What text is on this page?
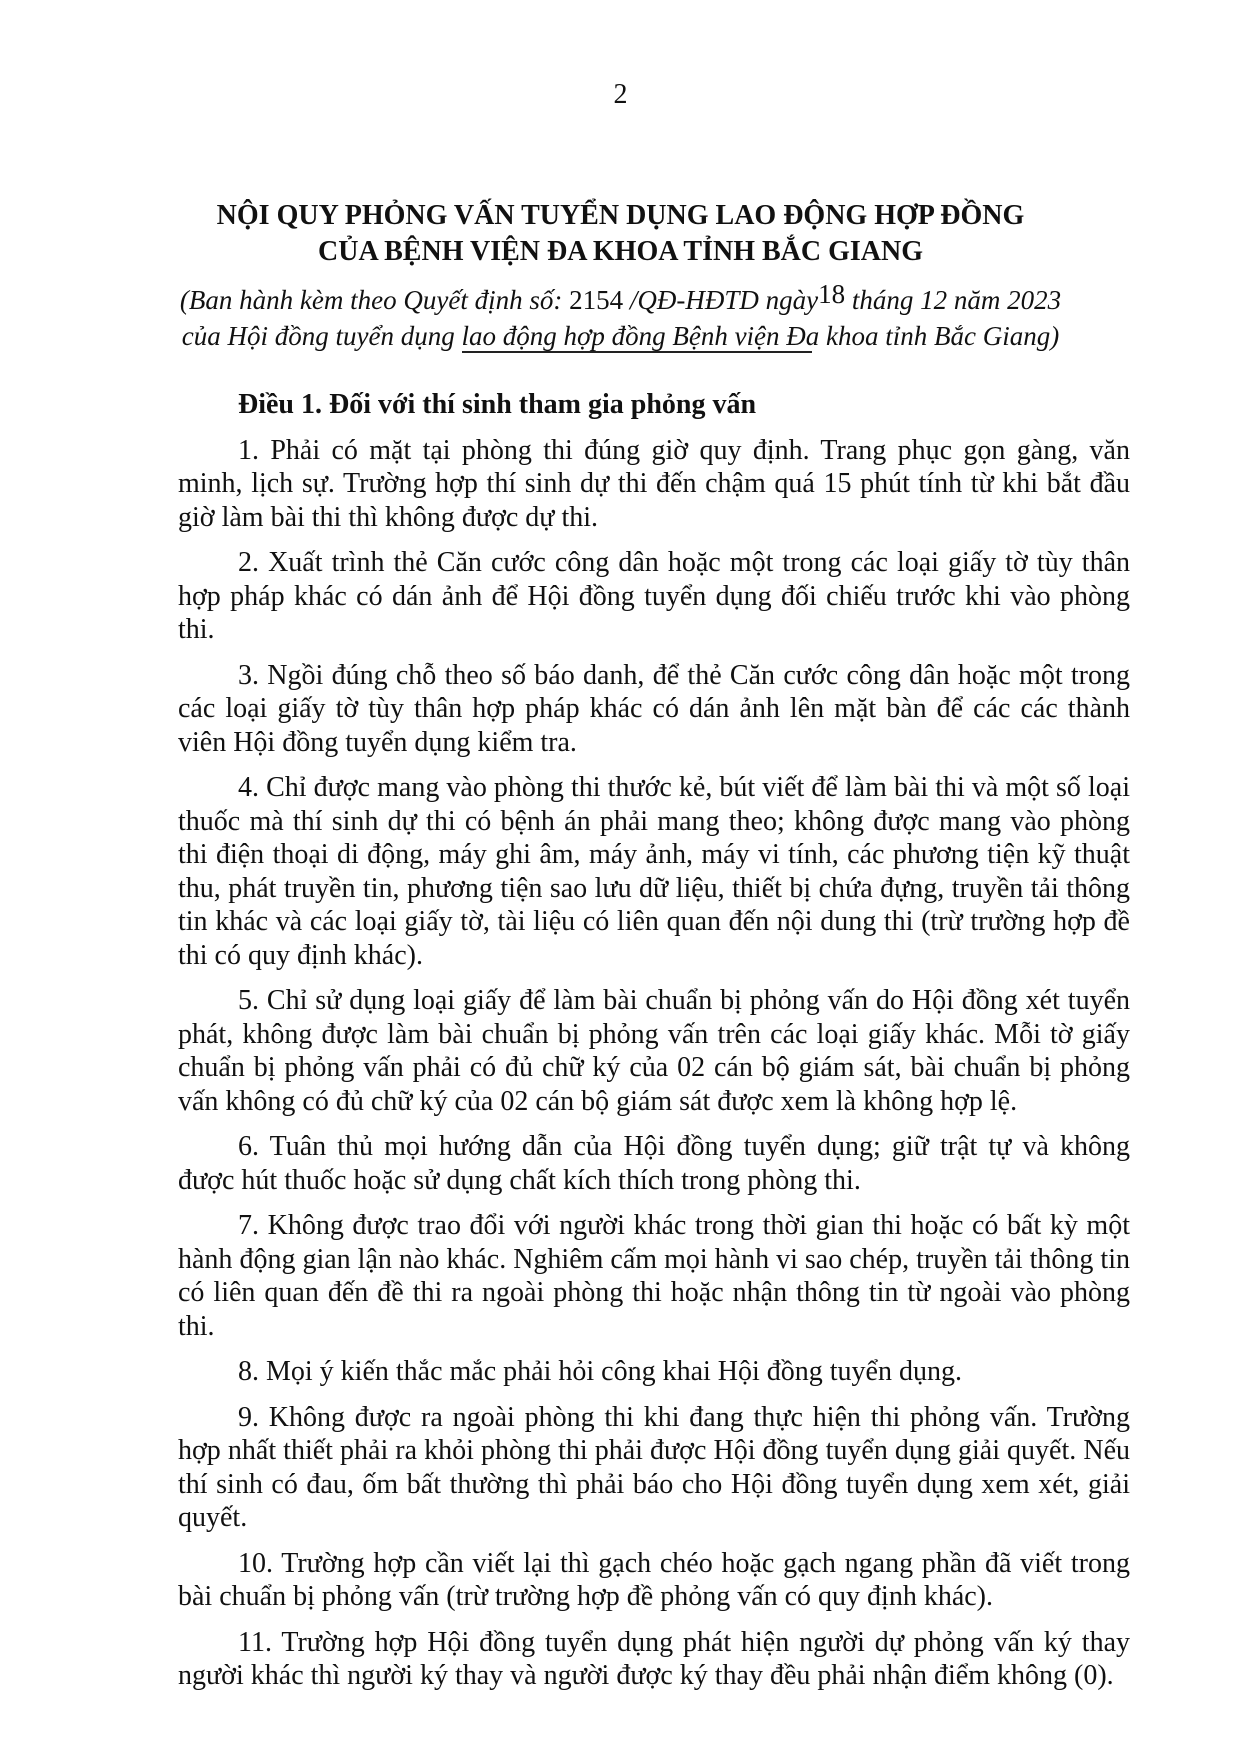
2
NỘI QUY PHỎNG VẤN TUYỂN DỤNG LAO ĐỘNG HỢP ĐỒNG
CỦA BỆNH VIỆN ĐA KHOA TỈNH BẮC GIANG
(Ban hành kèm theo Quyết định số: 2154 /QĐ-HĐTD ngày18 tháng 12 năm 2023
của Hội đồng tuyển dụng lao động hợp đồng Bệnh viện Đa khoa tỉnh Bắc Giang)

Điều 1. Đối với thí sinh tham gia phỏng vấn

1. Phải có mặt tại phòng thi đúng giờ quy định. Trang phục gọn gàng, văn minh, lịch sự. Trường hợp thí sinh dự thi đến chậm quá 15 phút tính từ khi bắt đầu giờ làm bài thi thì không được dự thi.

2. Xuất trình thẻ Căn cước công dân hoặc một trong các loại giấy tờ tùy thân hợp pháp khác có dán ảnh để Hội đồng tuyển dụng đối chiếu trước khi vào phòng thi.

3. Ngồi đúng chỗ theo số báo danh, để thẻ Căn cước công dân hoặc một trong các loại giấy tờ tùy thân hợp pháp khác có dán ảnh lên mặt bàn để các các thành viên Hội đồng tuyển dụng kiểm tra.

4. Chỉ được mang vào phòng thi thước kẻ, bút viết để làm bài thi và một số loại thuốc mà thí sinh dự thi có bệnh án phải mang theo; không được mang vào phòng thi điện thoại di động, máy ghi âm, máy ảnh, máy vi tính, các phương tiện kỹ thuật thu, phát truyền tin, phương tiện sao lưu dữ liệu, thiết bị chứa đựng, truyền tải thông tin khác và các loại giấy tờ, tài liệu có liên quan đến nội dung thi (trừ trường hợp đề thi có quy định khác).

5. Chỉ sử dụng loại giấy để làm bài chuẩn bị phỏng vấn do Hội đồng xét tuyển phát, không được làm bài chuẩn bị phỏng vấn trên các loại giấy khác. Mỗi tờ giấy chuẩn bị phỏng vấn phải có đủ chữ ký của 02 cán bộ giám sát, bài chuẩn bị phỏng vấn không có đủ chữ ký của 02 cán bộ giám sát được xem là không hợp lệ.

6. Tuân thủ mọi hướng dẫn của Hội đồng tuyển dụng; giữ trật tự và không được hút thuốc hoặc sử dụng chất kích thích trong phòng thi.

7. Không được trao đổi với người khác trong thời gian thi hoặc có bất kỳ một hành động gian lận nào khác. Nghiêm cấm mọi hành vi sao chép, truyền tải thông tin có liên quan đến đề thi ra ngoài phòng thi hoặc nhận thông tin từ ngoài vào phòng thi.

8. Mọi ý kiến thắc mắc phải hỏi công khai Hội đồng tuyển dụng.

9. Không được ra ngoài phòng thi khi đang thực hiện thi phỏng vấn. Trường hợp nhất thiết phải ra khỏi phòng thi phải được Hội đồng tuyển dụng giải quyết. Nếu thí sinh có đau, ốm bất thường thì phải báo cho Hội đồng tuyển dụng xem xét, giải quyết.

10. Trường hợp cần viết lại thì gạch chéo hoặc gạch ngang phần đã viết trong bài chuẩn bị phỏng vấn (trừ trường hợp đề phỏng vấn có quy định khác).

11. Trường hợp Hội đồng tuyển dụng phát hiện người dự phỏng vấn ký thay người khác thì người ký thay và người được ký thay đều phải nhận điểm không (0).
